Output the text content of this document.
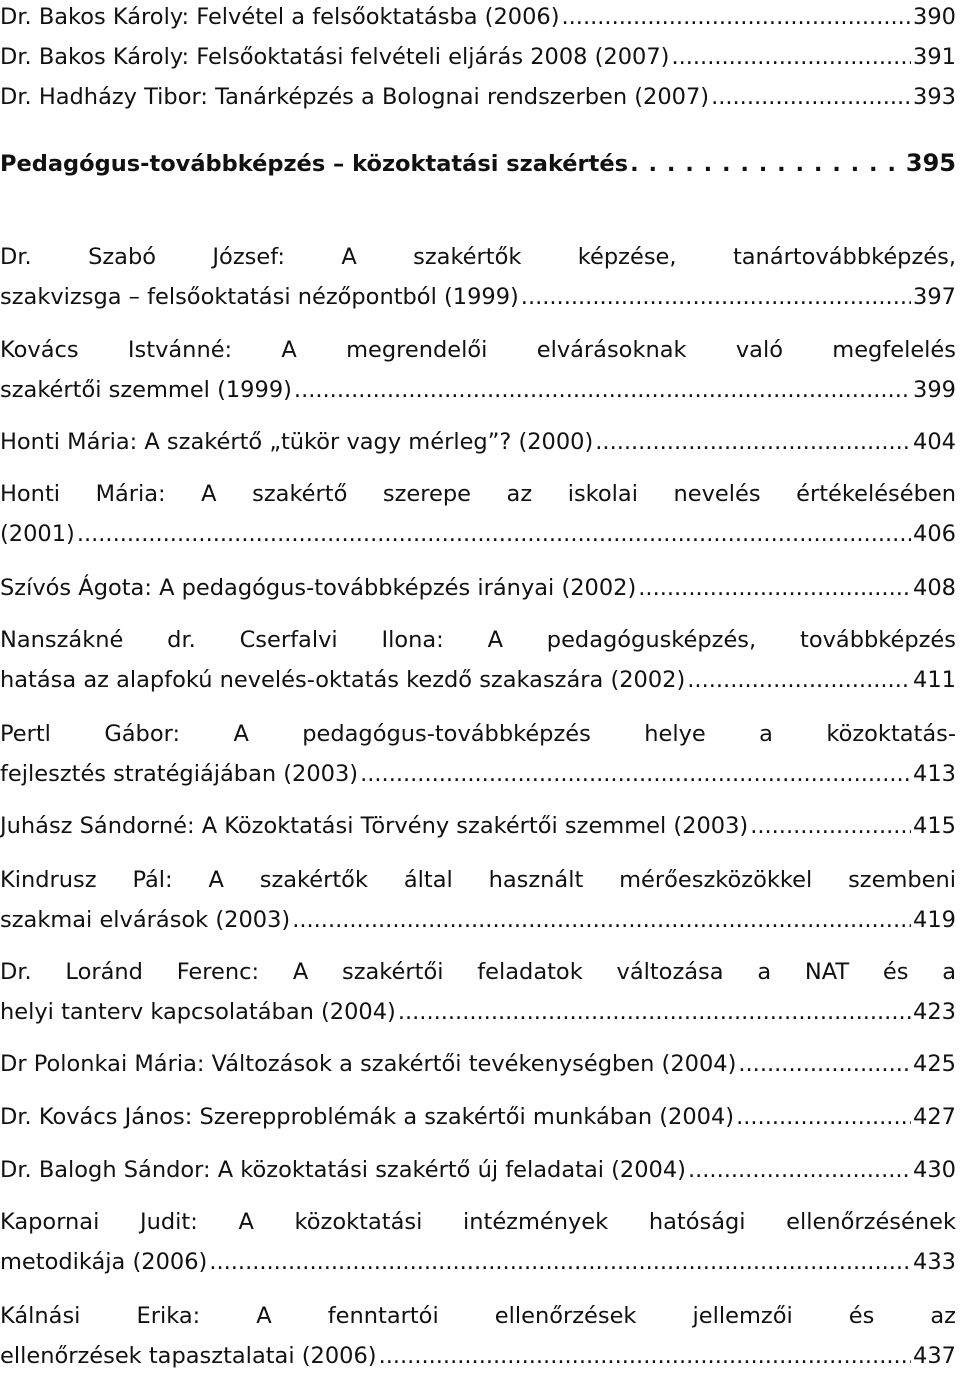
Dr. Bakos Károly: Felvétel a felsőoktatásba (2006) .....	390
Dr. Bakos Károly: Felsőoktatási felvételi eljárás 2008 (2007) .....	391
Dr. Hadházy Tibor: Tanárképzés a Bolognai rendszerben (2007) .....	393
Pedagógus-továbbképzés – közoktatási szakértés . . .	395
Dr. Szabó József: A szakértők képzése, tanártovábbképzés,
szakvizsga – felsőoktatási nézőpontból (1999) .....	397
Kovács Istvánné: A megrendelői elvárásoknak való megfelelés
szakértői szemmel (1999) .....	399
Honti Mária: A szakértő „tükör vagy mérleg”? (2000) .....	404
Honti Mária: A szakértő szerepe az iskolai nevelés értékelésében
(2001) .....	406
Szívós Ágota: A pedagógus-továbbképzés irányai (2002) .....	408
Nanszákné dr. Cserfalvi Ilona: A pedagógusképzés, továbbképzés
hatása az alapfokú nevelés-oktatás kezdő szakaszára (2002) .....	411
Pertl Gábor: A pedagógus-továbbképzés helye a közoktatás-
fejlesztés stratégiájában (2003) .....	413
Juhász Sándorné: A Közoktatási Törvény szakértői szemmel (2003) .....	415
Kindrusz Pál: A szakértők által használt mérőeszközökkel szembeni
szakmai elvárások (2003) .....	419
Dr. Loránd Ferenc: A szakértői feladatok változása a NAT és a
helyi tanterv kapcsolatában (2004) .....	423
Dr Polonkai Mária: Változások a szakértői tevékenységben (2004) .....	425
Dr. Kovács János: Szerepproblémák a szakértői munkában (2004) .....	427
Dr. Balogh Sándor: A közoktatási szakértő új feladatai (2004) .....	430
Kapornai Judit: A közoktatási intézmények hatósági ellenőrzésének
metodikája (2006) .....	433
Kálnási Erika: A fenntartói ellenőrzések jellemzői és az
ellenőrzések tapasztalatai (2006) .....	437
